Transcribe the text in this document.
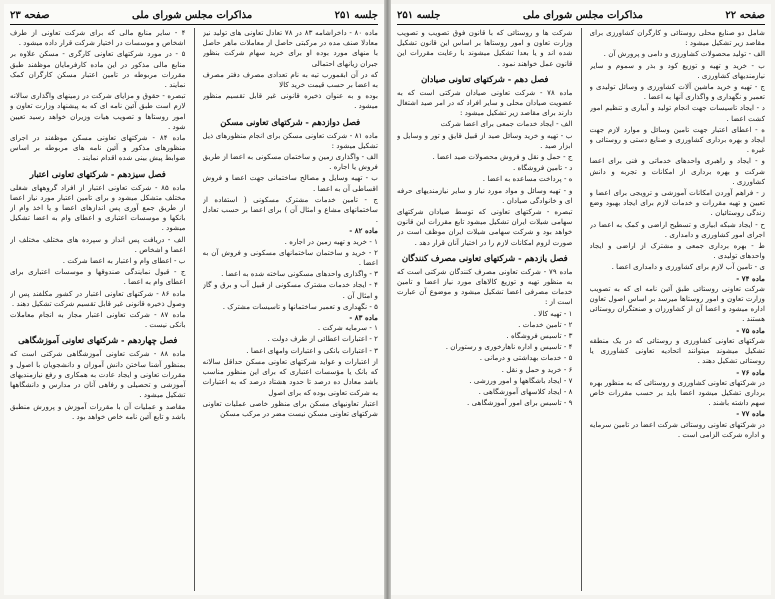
جلسه ۲۵۱
مذاکرات مجلس شورای ملی
صفحه ۲۳
۴ - سایر منابع مالی که برای شرکت تعاونی از طرف اشخاص و موسسات در اختیار شرکت قرار داده میشود .
۵ - در مورد شرکتهای تعاونی کارگری - مسکن علاوه بر منابع مالی مذکور در این ماده کارفرمایان موظفند طبق مقررات مربوطه در تامین اعتبار مسکن کارگران کمک نمایند .
تبصره - حقوق و مزایای شرکت در زمینهای واگذاری سالانه لازم است طبق آئین نامه ای که به پیشنهاد وزارت تعاون و امور روستاها و تصویب هیات وزیران خواهد رسید تعیین شود .
ماده ۸۴ - شرکتهای تعاونی مسکن موظفند در اجرای منظورهای مذکور و آئین نامه های مربوطه بر اساس ضوابط پیش بینی شده اقدام نمایند .
فصل سیزدهم - شرکتهای تعاونی اعتبار
ماده ۸۵ - شرکت تعاونی اعتبار از افراد گروههای شغلی مختلف متشکل میشود و برای تامین اعتبار مورد نیاز اعضا از طریق جمع آوری پس اندازهای اعضا و یا اخذ وام از بانکها و موسسات اعتباری و اعطای وام به اعضا تشکیل میشود .
الف - دریافت پس انداز و سپرده های مختلف مختلف از اعضا و اشخاص .
ب - اعطای وام و اعتبار به اعضا شرکت .
ج - قبول نمایندگی صندوقها و موسسات اعتباری برای اعطای وام به اعضا .
ماده ۸۶ - شرکتهای تعاونی اعتبار در کشور مکلفند پس از وصول ذخیره قانونی غیر قابل تقسیم شرکت تشکیل دهند .
ماده ۸۷ - شرکت تعاونی اعتبار مجاز به انجام معاملات بانکی نیست .
فصل چهاردهم - شرکتهای تعاونی آموزشگاهی
ماده ۸۸ - شرکت تعاونی آموزشگاهی شرکتی است که بمنظور آشنا ساختن دانش آموزان و دانشجویان با اصول و مقررات تعاونی و ایجاد عادت به همکاری و رفع نیازمندیهای آموزشی و تحصیلی و رفاهی آنان در مدارس و دانشگاهها تشکیل میشود .
مقاصد و عملیات آن با مقررات آموزش و پرورش منطبق باشد و تابع آئین نامه خاص خواهد بود .
ماده ۸۰ - داخراشامه ۸۳ در ۷۸ تعادل تعاونی های تولید نیز معادلا صنف مده در مرکبتی حاصل از معاملات ماهر حاصل با منهای مورد بوده او برای خرید سهام شرکت بنظور جبران زیانهای احتمالی
که در آن ابقمورب تیه به نام تعدادی مصرف دفتر مصرف به اعضا بر حسب قیمت خرید کالا
بوده و به عنوان ذخیره قانونی غیر قابل تقسیم منظور میشود .
فصل دوازدهم - شرکتهای تعاونی مسکن
ماده ۸۱ - شرکت تعاونی مسکن برای انجام منظورهای ذیل تشکیل میشود :
الف - واگذاری زمین و ساختمان مسکونی به اعضا از طریق فروش یا اجاره .
ب - تهیه وسایل و مصالح ساختمانی جهت اعضا و فروش اقساطی آن به اعضا .
ج - تامین خدمات مشترک مسکونی ( استفاده از ساختمانهای مشاع و امثال آن ) برای اعضا بر حسب تعادل .
ماده ۸۲ -
۱ - خرید و تهیه زمین در اجاره .
۲ - خرید و ساختمان ساختمانهای مسکونی و فروش آن به اعضا .
۳ - واگذاری واحدهای مسکونی ساخته شده به اعضا .
۴ - ایجاد خدمات مشترک مسکونی از قبیل آب و برق و گاز و امثال آن .
۵ - نگهداری و تعمیر ساختمانها و تاسیسات مشترک .
ماده ۸۳ -
۱ - سرمایه شرکت .
۲ - اعتبارات اعطائی از طرف دولت .
۳ - اعتبارات بانکی و اعتبارات وامهای اعضا .
از اعتبارات و عواید شرکتهای تعاونی مسکن حداقل سالانه که بانک یا مؤسسات اعتباری که برای این منظور مناسب باشد معادل ده درصد تا حدود هشتاد درصد که به اعتبارات به شرکت تعاونی بوده که برای اصول
اعتبار تعاونیهای مسکن برای منظور خاصی عملیات تعاونی شرکتهای تعاونی مسکن نیست مضر در مرکب مسکن
صفحه ۲۲
مذاکرات مجلس شورای ملی
جلسه ۲۵۱
شرکت ها و روستائی که با قانون فوق تصویب و تصویب وزارت تعاون و امور روستاها بر اساس این قانون تشکیل شده اند و یا بعدا تشکیل میشوند با رعایت مقررات این قانون عمل خواهند نمود .
فصل دهم - شرکتهای تعاونی صیادان
ماده ۷۸ - شرکت تعاونی صیادان شرکتی است که به عضویت صیادان محلی و سایر افراد که در امر صید اشتغال دارند برای مقاصد زیر تشکیل میشود :
الف - ایجاد خدمات جمعی برای اعضا شرکت
ب - تهیه و خرید وسائل صید از قبیل قایق و تور و وسایل و ابزار صید .
ج - حمل و نقل و فروش محصولات صید اعضا .
د - تامین فروشگاه .
ه - پرداخت مساعده به اعضا .
و - تهیه وسائل و مواد مورد نیاز و سایر نیازمندیهای حرفه ای و خانوادگی صیادان .
تبصره - شرکتهای تعاونی که توسط صیادان شرکتهای سهامی شیلات ایران تشکیل میشود تابع مقررات این قانون خواهد بود و شرکت سهامی شیلات ایران موظف است در صورت لزوم امکانات لازم را در اختیار آنان قرار دهد .
فصل یازدهم - شرکتهای تعاونی مصرف کنندگان
ماده ۷۹ - شرکت تعاونی مصرف کنندگان شرکتی است که به منظور تهیه و توزیع کالاهای مورد نیاز اعضا و تامین خدمات مصرفی اعضا تشکیل میشود و موضوع آن عبارت است از :
۱ - تهیه کالا .
۲ - تامین خدمات .
۳ - تاسیس فروشگاه .
۴ - تاسیس و اداره ناهارخوری و رستوران .
۵ - خدمات بهداشتی و درمانی .
۶ - خرید و حمل و نقل .
۷ - ایجاد باشگاهها و امور ورزشی .
۸ - ایجاد کلاسهای آموزشگاهی .
۹ - تاسیس برای امور آموزشگاهی .
شامل دو صنایع محلی روستائی و کارگران کشاورزی برای مقاصد زیر تشکیل میشود :
الف - تولید محصولات کشاورزی و دامی و پرورش آن .
ب - خرید و تهیه و توزیع کود و بذر و سموم و سایر نیازمندیهای کشاورزی .
ج - تهیه و خرید ماشین آلات کشاورزی و وسائل تولیدی و تعمیر و نگهداری و واگذاری آنها به اعضا .
د - ایجاد تاسیسات جهت انجام تولید و آبیاری و تنظیم امور کشت اعضا .
ه - اعطای اعتبار جهت تامین وسائل و موارد لازم جهت ایجاد و بهره برداری کشاورزی و صنایع دستی و روستائی و غیره .
و - ایجاد و راهبری واحدهای خدماتی و فنی برای اعضا شرکت و بهره برداری از امکانات و تجربه و دانش کشاورزی .
ز - فراهم آوردن امکانات آموزشی و ترویجی برای اعضا و تعیین و تهیه مقررات و خدمات لازم برای ایجاد بهبود وضع زندگی روستائیان .
ح - ایجاد شبکه ابیاری و تسطیح اراضی و کمک به اعضا در اجرای امور کشاورزی و دامداری .
ط - بهره برداری جمعی و مشترک از اراضی و ایجاد واحدهای تولیدی .
ی - تامین آب لازم برای کشاورزی و دامداری اعضا .
ماده ۷۴ -
شرکت تعاونی روستائی طبق آئین نامه ای که به تصویب وزارت تعاون و امور روستاها میرسد بر اساس اصول تعاون اداره میشود و اعضا آن از کشاورزان و صنعتگران روستائی هستند .
ماده ۷۵ -
شرکتهای تعاونی کشاورزی و روستائی که در یک منطقه تشکیل میشوند میتوانند اتحادیه تعاونی کشاورزی یا روستائی تشکیل دهند .
ماده ۷۶ -
در شرکتهای تعاونی کشاورزی و روستائی که به منظور بهره برداری تشکیل میشود اعضا باید بر حسب مقررات خاص سهم داشته باشند .
ماده ۷۷ -
در شرکتهای تعاونی روستائی شرکت اعضا در تامین سرمایه و اداره شرکت الزامی است .
